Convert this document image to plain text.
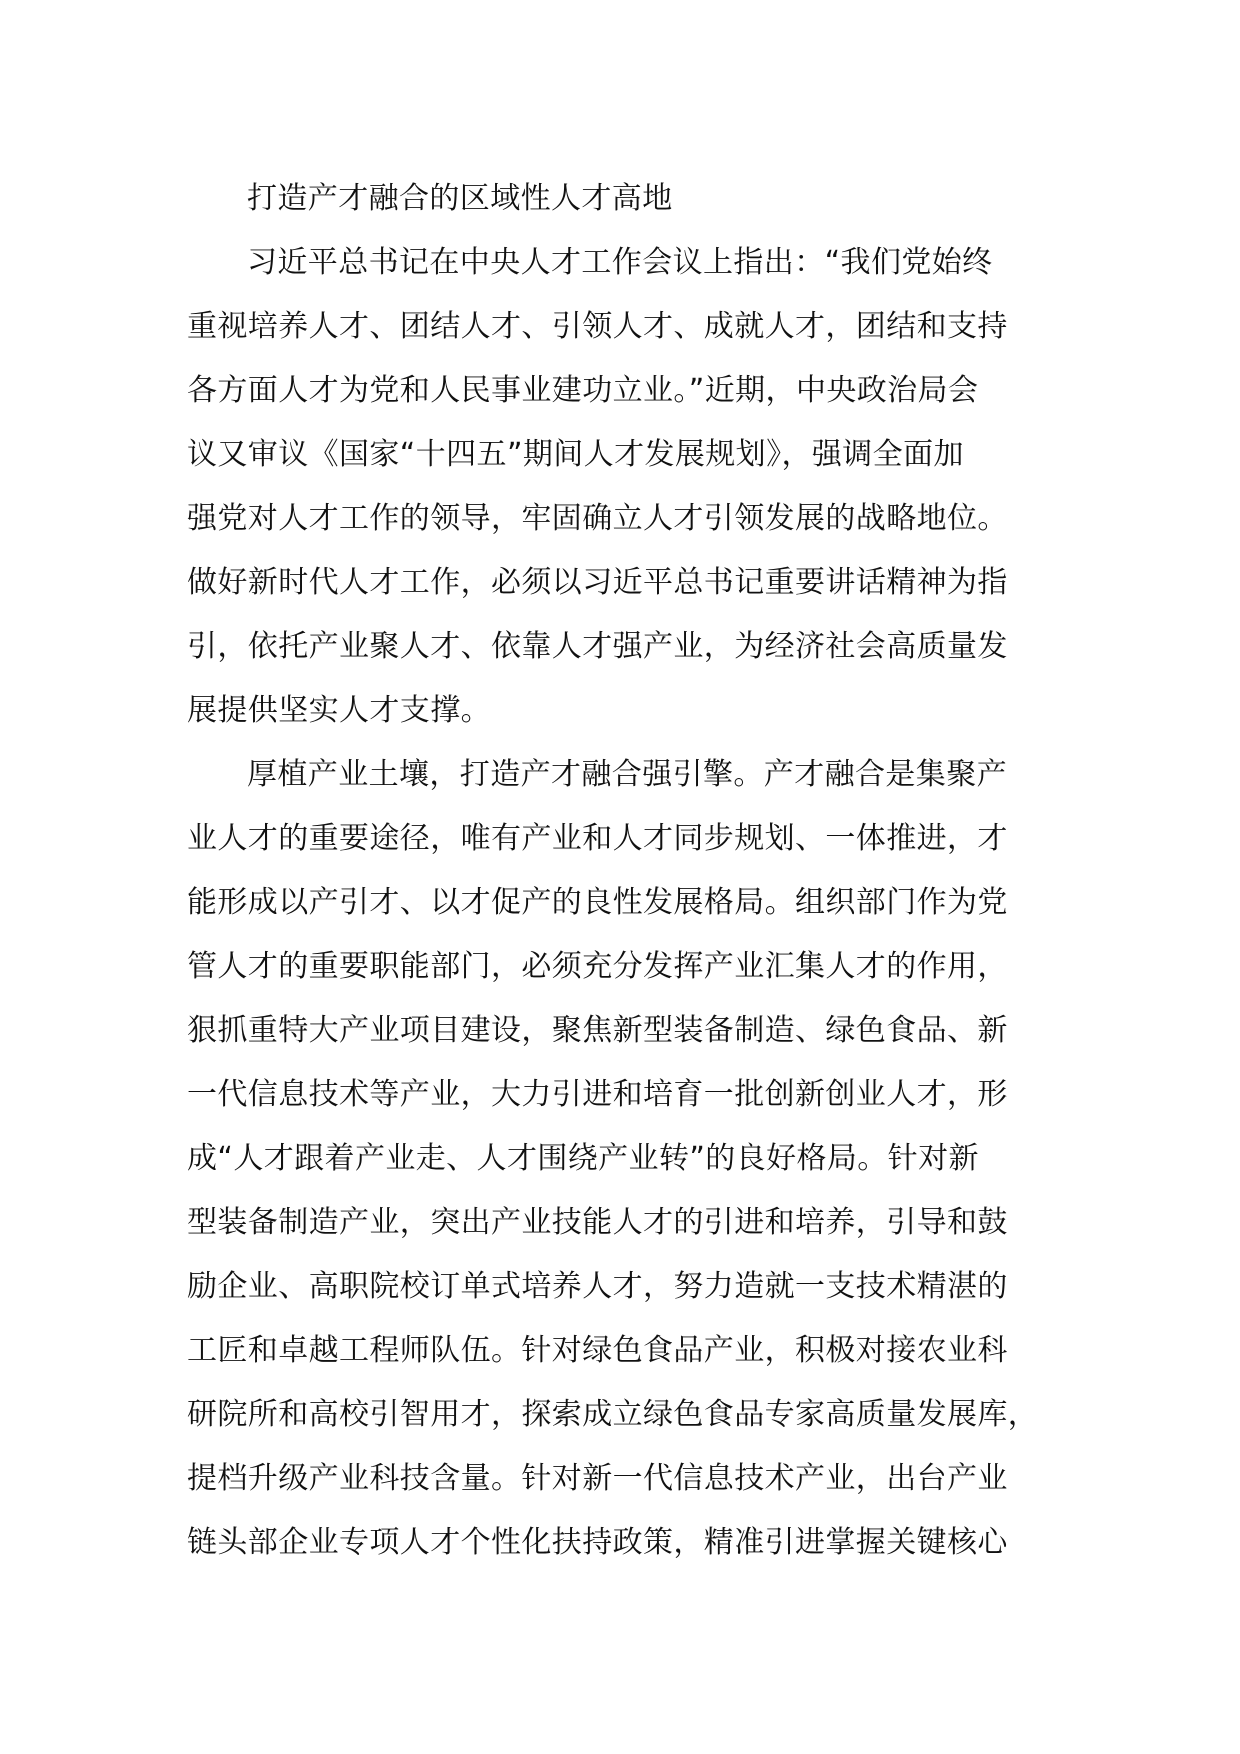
打造产才融合的区域性人才高地

习近平总书记在中央人才工作会议上指出：“我们党始终
重视培养人才、团结人才、引领人才、成就人才，团结和支持
各方面人才为党和人民事业建功立业。”近期，中央政治局会
议又审议《国家“十四五”期间人才发展规划》，强调全面加
强党对人才工作的领导，牢固确立人才引领发展的战略地位。
做好新时代人才工作，必须以习近平总书记重要讲话精神为指
引，依托产业聚人才、依靠人才强产业，为经济社会高质量发
展提供坚实人才支撑。

厚植产业土壤，打造产才融合强引擎。产才融合是集聚产
业人才的重要途径，唯有产业和人才同步规划、一体推进，才
能形成以产引才、以才促产的良性发展格局。组织部门作为党
管人才的重要职能部门，必须充分发挥产业汇集人才的作用，
狠抓重特大产业项目建设，聚焦新型装备制造、绿色食品、新
一代信息技术等产业，大力引进和培育一批创新创业人才，形
成“人才跟着产业走、人才围绕产业转”的良好格局。针对新
型装备制造产业，突出产业技能人才的引进和培养，引导和鼓
励企业、高职院校订单式培养人才，努力造就一支技术精湛的
工匠和卓越工程师队伍。针对绿色食品产业，积极对接农业科
研院所和高校引智用才，探索成立绿色食品专家高质量发展库，
提档升级产业科技含量。针对新一代信息技术产业，出台产业
链头部企业专项人才个性化扶持政策，精准引进掌握关键核心
